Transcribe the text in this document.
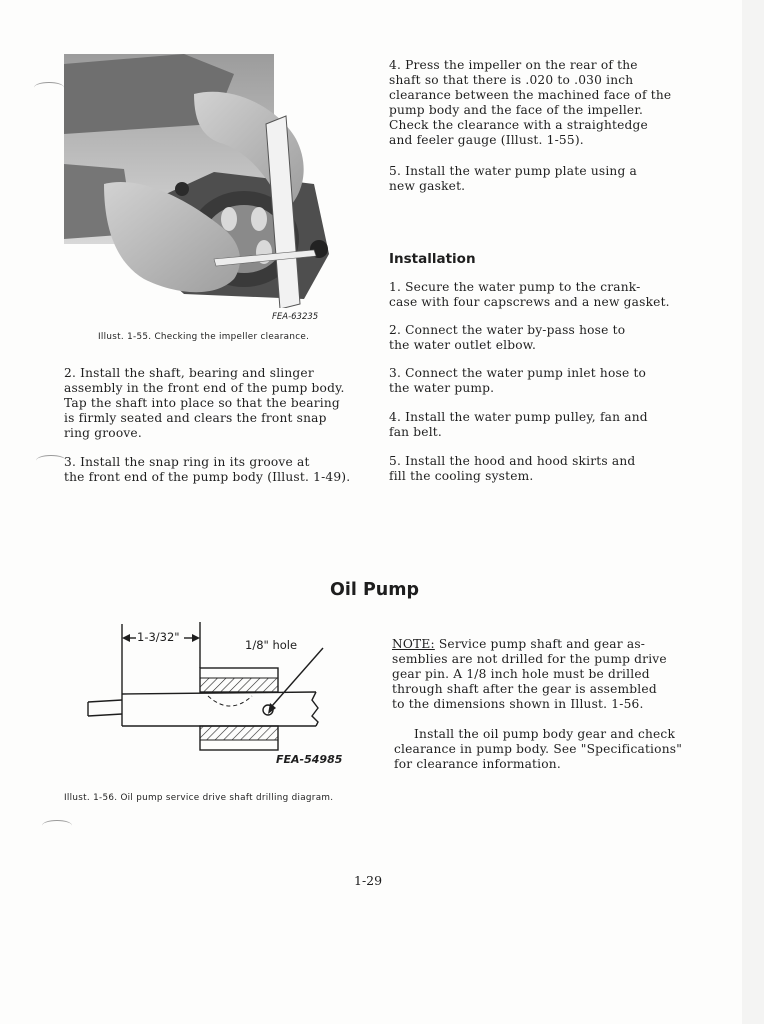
FEA-63235
Illust. 1-55. Checking the impeller clearance.
2. Install the shaft, bearing and slinger
assembly in the front end of the pump body.
Tap the shaft into place so that the bearing
is firmly seated and clears the front snap
ring groove.
3. Install the snap ring in its groove at
the front end of the pump body (Illust. 1-49).
4. Press the impeller on the rear of the
shaft so that there is .020 to .030 inch
clearance between the machined face of the
pump body and the face of the impeller.
Check the clearance with a straightedge
and feeler gauge (Illust. 1-55).
5. Install the water pump plate using a
new gasket.
Installation
1. Secure the water pump to the crank-
case with four capscrews and a new gasket.
2. Connect the water by-pass hose to
the water outlet elbow.
3. Connect the water pump inlet hose to
the water pump.
4. Install the water pump pulley, fan and
fan belt.
5. Install the hood and hood skirts and
fill the cooling system.
Oil Pump
1-3/32"
1/8" hole
FEA-54985
Illust. 1-56. Oil pump service drive shaft drilling diagram.
NOTE: Service pump shaft and gear as-
semblies are not drilled for the pump drive
gear pin. A 1/8 inch hole must be drilled
through shaft after the gear is assembled
to the dimensions shown in Illust. 1-56.
Install the oil pump body gear and check
clearance in pump body. See "Specifications"
for clearance information.
1-29
